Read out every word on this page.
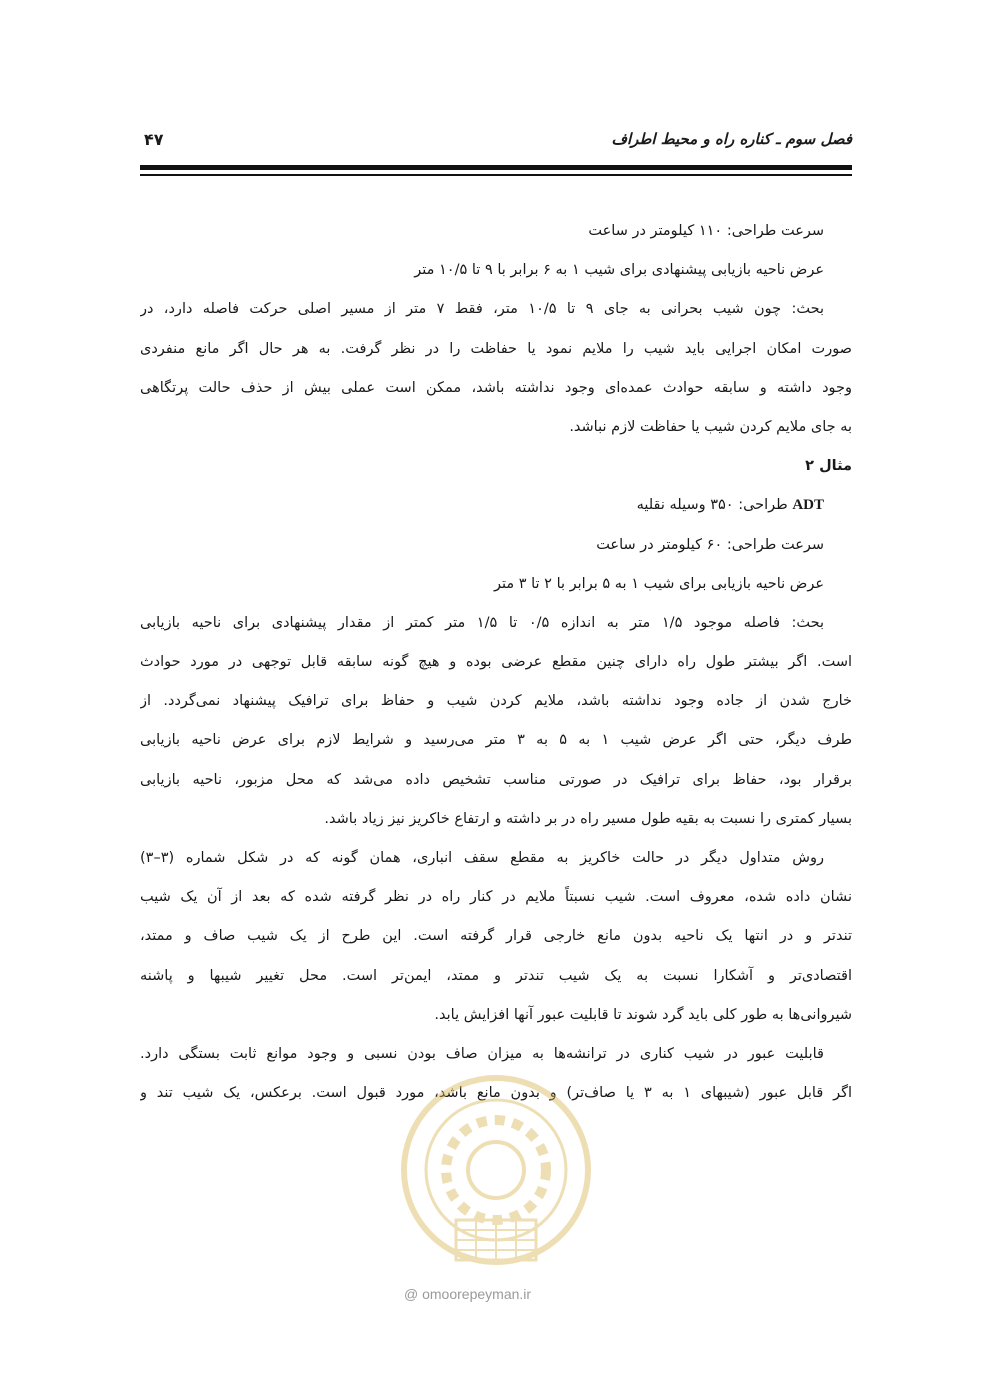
فصل سوم ـ کناره راه و محیط اطراف
۴۷
سرعت طراحی: ۱۱۰ کیلومتر در ساعت
عرض ناحیه بازیابی پیشنهادی برای شیب ۱ به ۶ برابر با ۹ تا ۱۰/۵ متر
بحث: چون شیب بحرانی به جای ۹ تا ۱۰/۵ متر، فقط ۷ متر از مسیر اصلی حرکت فاصله دارد، در
صورت امکان اجرایی باید شیب را ملایم نمود یا حفاظت را در نظر گرفت. به هر حال اگر مانع منفردی
وجود داشته و سابقه حوادث عمده‌ای وجود نداشته باشد، ممکن است عملی بیش از حذف حالت پرتگاهی
به جای ملایم کردن شیب یا حفاظت لازم نباشد.
مثال ۲
ADT طراحی: ۳۵۰ وسیله نقلیه
سرعت طراحی: ۶۰ کیلومتر در ساعت
عرض ناحیه بازیابی برای شیب ۱ به ۵ برابر با ۲ تا ۳ متر
بحث: فاصله موجود ۱/۵ متر به اندازه ۰/۵ تا ۱/۵ متر کمتر از مقدار پیشنهادی برای ناحیه بازیابی
است. اگر بیشتر طول راه دارای چنین مقطع عرضی بوده و هیچ گونه سابقه قابل توجهی در مورد حوادث
خارج شدن از جاده وجود نداشته باشد، ملایم کردن شیب و حفاظ برای ترافیک پیشنهاد نمی‌گردد. از
طرف دیگر، حتی اگر عرض شیب ۱ به ۵ به ۳ متر می‌رسید و شرایط لازم برای عرض ناحیه بازیابی
برقرار بود، حفاظ برای ترافیک در صورتی مناسب تشخیص داده می‌شد که محل مزبور، ناحیه بازیابی
بسیار کمتری را نسبت به بقیه طول مسیر راه در بر داشته و ارتفاع خاکریز نیز زیاد باشد.
روش متداول دیگر در حالت خاکریز به مقطع سقف انباری، همان گونه که در شکل شماره (۳–۳)
نشان داده شده، معروف است. شیب نسبتاً ملایم در کنار راه در نظر گرفته شده که بعد از آن یک شیب
تندتر و در انتها یک ناحیه بدون مانع خارجی قرار گرفته است. این طرح از یک شیب صاف و ممتد،
اقتصادی‌تر و آشکارا نسبت به یک شیب تندتر و ممتد، ایمن‌تر است. محل تغییر شیبها و پاشنه
شیروانی‌ها به طور کلی باید گرد شوند تا قابلیت عبور آنها افزایش یابد.
قابلیت عبور در شیب کناری در ترانشه‌ها به میزان صاف بودن نسبی و وجود موانع ثابت بستگی دارد.
اگر قابل عبور (شیبهای ۱ به ۳ یا صاف‌تر) و بدون مانع باشد، مورد قبول است. برعکس، یک شیب تند و
@ omoorepeyman.ir
